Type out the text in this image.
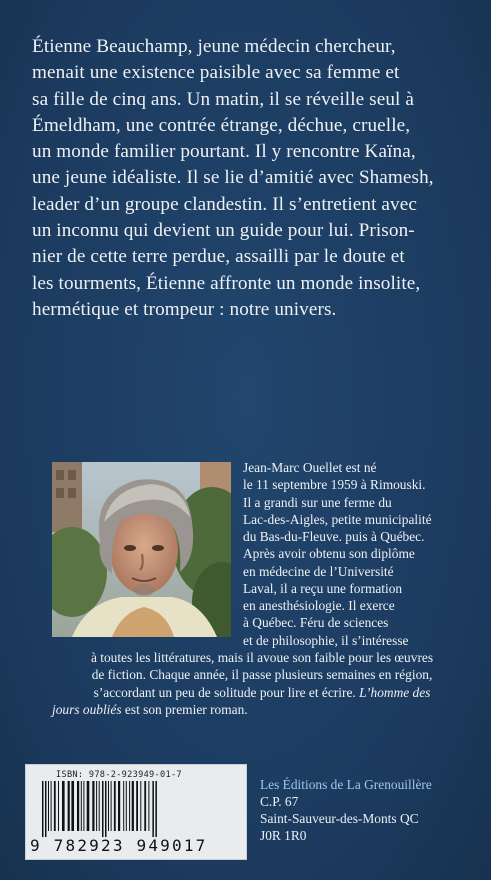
Étienne Beauchamp, jeune médecin chercheur,
menait une existence paisible avec sa femme et
sa fille de cinq ans. Un matin, il se réveille seul à
Émeldham, une contrée étrange, déchue, cruelle,
un monde familier pourtant. Il y rencontre Kaïna,
une jeune idéaliste. Il se lie d’amitié avec Shamesh,
leader d’un groupe clandestin. Il s’entretient avec
un inconnu qui devient un guide pour lui. Prison-
nier de cette terre perdue, assailli par le doute et
les tourments, Étienne affronte un monde insolite,
hermétique et trompeur : notre univers.

Jean-Marc Ouellet est né
le 11 septembre 1959 à Rimouski.
Il a grandi sur une ferme du
Lac-des-Aigles, petite municipalité
du Bas-du-Fleuve. puis à Québec.
Après avoir obtenu son diplôme
en médecine de l’Université
Laval, il a reçu une formation
en anesthésiologie. Il exerce
à Québec. Féru de sciences
et de philosophie, il s’intéresse
à toutes les littératures, mais il avoue son faible pour les œuvres
de fiction. Chaque année, il passe plusieurs semaines en région,
s’accordant un peu de solitude pour lire et écrire. L’homme des
jours oubliés est son premier roman.
ISBN: 978-2-923949-01-7
9 782923 949017
Les Éditions de La Grenouillère
C.P. 67
Saint-Sauveur-des-Monts QC
J0R 1R0
